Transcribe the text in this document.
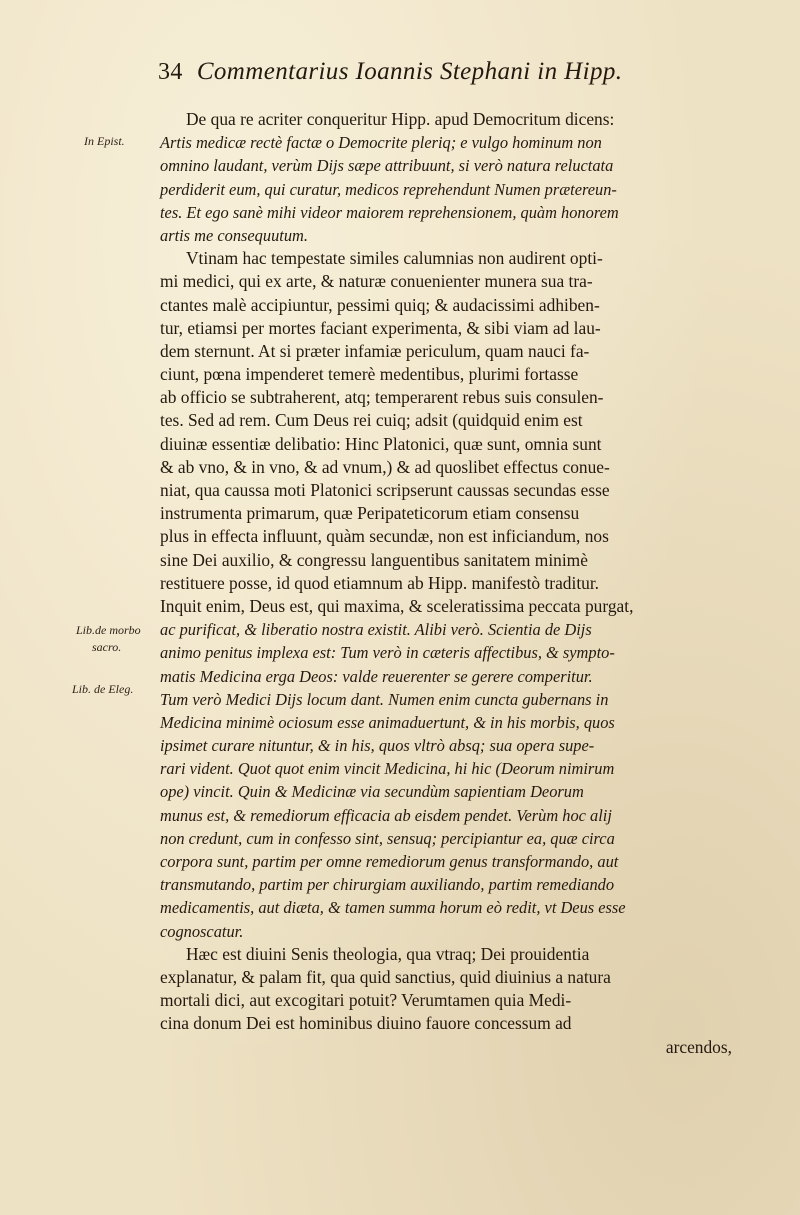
34 Commentarius Ioannis Stephani in Hipp.
In Epist.
Lib.de morbo
sacro.
Lib. de Eleg.
De qua re acriter conqueritur Hipp. apud Democritum dicens:
Artis medicæ rectè factæ o Democrite pleriq; e vulgo hominum non
omnino laudant, verùm Dijs sæpe attribuunt, si verò natura reluctata
perdiderit eum, qui curatur, medicos reprehendunt Numen prætereun-
tes. Et ego sanè mihi videor maiorem reprehensionem, quàm honorem
artis me consequutum.
Vtinam hac tempestate similes calumnias non audirent opti-
mi medici, qui ex arte, & naturæ conuenienter munera sua tra-
ctantes malè accipiuntur, pessimi quiq; & audacissimi adhiben-
tur, etiamsi per mortes faciant experimenta, & sibi viam ad lau-
dem sternunt. At si præter infamiæ periculum, quam nauci fa-
ciunt, pœna impenderet temerè medentibus, plurimi fortasse
ab officio se subtraherent, atq; temperarent rebus suis consulen-
tes. Sed ad rem. Cum Deus rei cuiq; adsit (quidquid enim est
diuinæ essentiæ delibatio: Hinc Platonici, quæ sunt, omnia sunt
& ab vno, & in vno, & ad vnum,) & ad quoslibet effectus conue-
niat, qua caussa moti Platonici scripserunt caussas secundas esse
instrumenta primarum, quæ Peripateticorum etiam consensu
plus in effecta influunt, quàm secundæ, non est inficiandum, nos
sine Dei auxilio, & congressu languentibus sanitatem minimè
restituere posse, id quod etiamnum ab Hipp. manifestò traditur.
Inquit enim, Deus est, qui maxima, & sceleratissima peccata purgat,
ac purificat, & liberatio nostra existit. Alibi verò. Scientia de Dijs
animo penitus implexa est: Tum verò in cæteris affectibus, & sympto-
matis Medicina erga Deos: valde reuerenter se gerere comperitur.
Tum verò Medici Dijs locum dant. Numen enim cuncta gubernans in
Medicina minimè ociosum esse animaduertunt, & in his morbis, quos
ipsimet curare nituntur, & in his, quos vltrò absq; sua opera supe-
rari vident. Quot quot enim vincit Medicina, hi hic (Deorum nimirum
ope) vincit. Quin & Medicinæ via secundùm sapientiam Deorum
munus est, & remediorum efficacia ab eisdem pendet. Verùm hoc alij
non credunt, cum in confesso sint, sensuq; percipiantur ea, quæ circa
corpora sunt, partim per omne remediorum genus transformando, aut
transmutando, partim per chirurgiam auxiliando, partim remediando
medicamentis, aut diæta, & tamen summa horum eò redit, vt Deus esse
cognoscatur.
Hæc est diuini Senis theologia, qua vtraq; Dei prouidentia
explanatur, & palam fit, qua quid sanctius, quid diuinius a natura
mortali dici, aut excogitari potuit? Verumtamen quia Medi-
cina donum Dei est hominibus diuino fauore concessum ad
arcendos,
